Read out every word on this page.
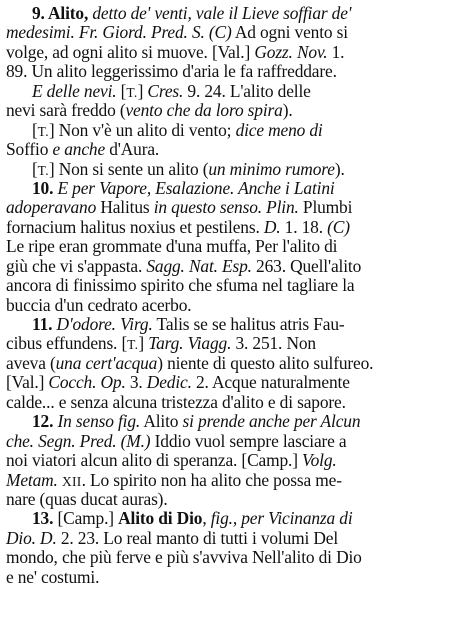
9. Alito, detto de' venti, vale il Lieve soffiar de'
medesimi. Fr. Giord. Pred. S. (C) Ad ogni vento si
volge, ad ogni alito si muove. [Val.] Gozz. Nov. 1.
89. Un alito leggerissimo d'aria le fa raffreddare.
E delle nevi. [T.] Cres. 9. 24. L'alito delle
nevi sarà freddo (vento che da loro spira).
[T.] Non v'è un alito di vento; dice meno di
Soffio e anche d'Aura.
[T.] Non si sente un alito (un minimo rumore).
10. E per Vapore, Esalazione. Anche i Latini
adoperavano Halitus in questo senso. Plin. Plumbi
fornacium halitus noxius et pestilens. D. 1. 18. (C)
Le ripe eran grommate d'una muffa, Per l'alito di
giù che vi s'appasta. Sagg. Nat. Esp. 263. Quell'alito
ancora di finissimo spirito che sfuma nel tagliare la
buccia d'un cedrato acerbo.
11. D'odore. Virg. Talis se se halitus atris Fau-
cibus effundens. [T.] Targ. Viagg. 3. 251. Non
aveva (una cert'acqua) niente di questo alito sulfureo.
[Val.] Cocch. Op. 3. Dedic. 2. Acque naturalmente
calde... e senza alcuna tristezza d'alito e di sapore.
12. In senso fig. Alito si prende anche per Alcun
che. Segn. Pred. (M.) Iddio vuol sempre lasciare a
noi viatori alcun alito di speranza. [Camp.] Volg.
Metam. XII. Lo spirito non ha alito che possa me-
nare (quas ducat auras).
13. [Camp.] Alito di Dio, fig., per Vicinanza di
Dio. D. 2. 23. Lo real manto di tutti i volumi Del
mondo, che più ferve e più s'avviva Nell'alito di Dio
e ne' costumi.
